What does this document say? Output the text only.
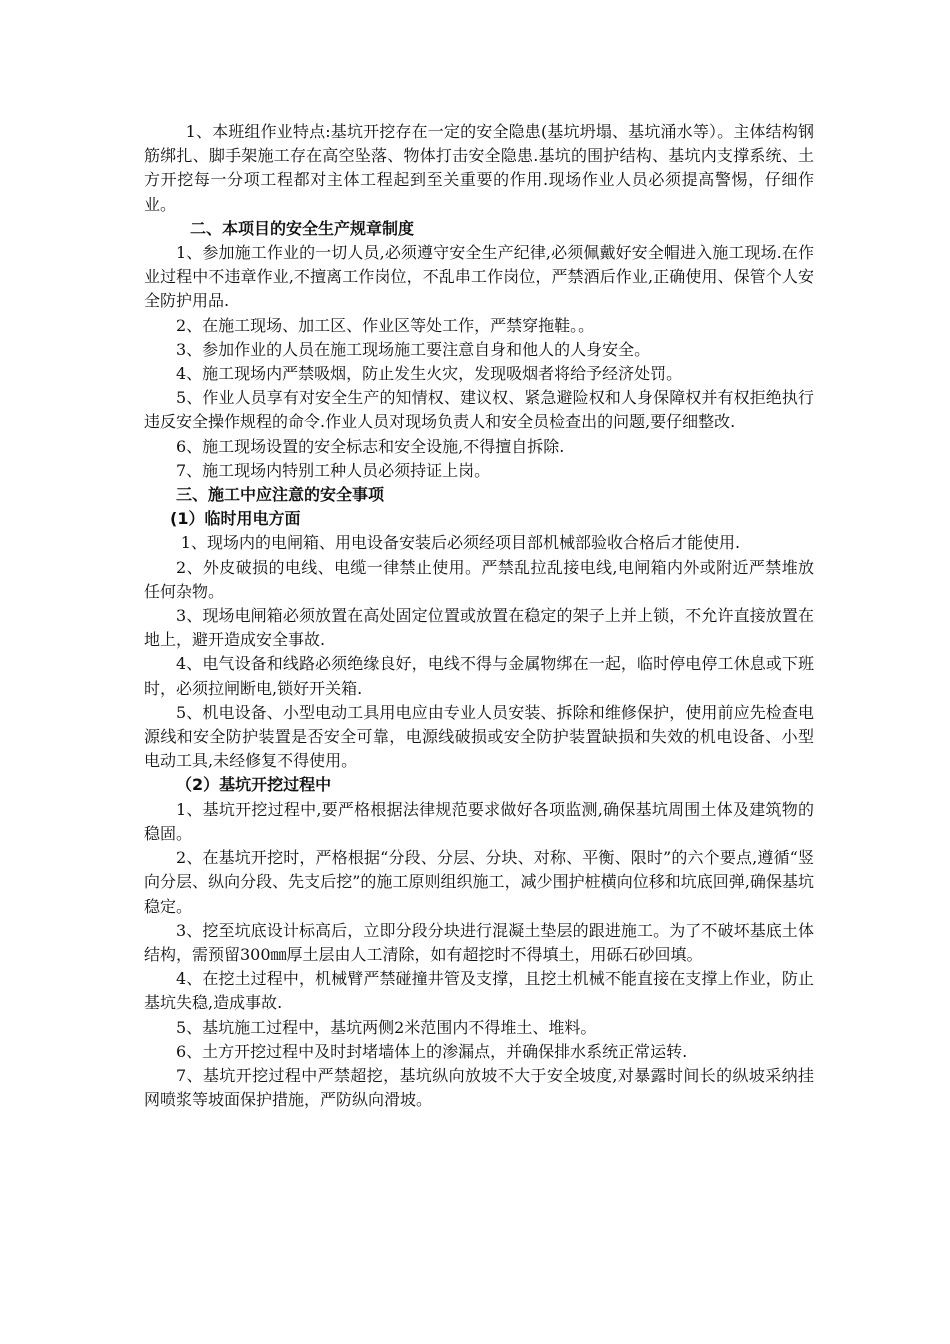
1、本班组作业特点:基坑开挖存在一定的安全隐患(基坑坍塌、基坑涌水等）。主体结构钢筋绑扎、脚手架施工存在高空坠落、物体打击安全隐患.基坑的围护结构、基坑内支撑系统、土方开挖每一分项工程都对主体工程起到至关重要的作用.现场作业人员必须提高警惕，仔细作业。

二、本项目的安全生产规章制度

1、参加施工作业的一切人员,必须遵守安全生产纪律,必须佩戴好安全帽进入施工现场.在作业过程中不违章作业,不擅离工作岗位，不乱串工作岗位，严禁酒后作业,正确使用、保管个人安全防护用品.

2、在施工现场、加工区、作业区等处工作，严禁穿拖鞋。。

3、参加作业的人员在施工现场施工要注意自身和他人的人身安全。

4、施工现场内严禁吸烟，防止发生火灾，发现吸烟者将给予经济处罚。

5、作业人员享有对安全生产的知情权、建议权、紧急避险权和人身保障权并有权拒绝执行违反安全操作规程的命令.作业人员对现场负责人和安全员检查出的问题,要仔细整改.

6、施工现场设置的安全标志和安全设施,不得擅自拆除.

7、施工现场内特别工种人员必须持证上岗。

三、施工中应注意的安全事项

(1）临时用电方面

1、现场内的电闸箱、用电设备安装后必须经项目部机械部验收合格后才能使用.

2、外皮破损的电线、电缆一律禁止使用。严禁乱拉乱接电线,电闸箱内外或附近严禁堆放任何杂物。

3、现场电闸箱必须放置在高处固定位置或放置在稳定的架子上并上锁，不允许直接放置在地上，避开造成安全事故.

4、电气设备和线路必须绝缘良好，电线不得与金属物绑在一起，临时停电停工休息或下班时，必须拉闸断电,锁好开关箱.

5、机电设备、小型电动工具用电应由专业人员安装、拆除和维修保护，使用前应先检查电源线和安全防护装置是否安全可靠，电源线破损或安全防护装置缺损和失效的机电设备、小型电动工具,未经修复不得使用。

（2）基坑开挖过程中

1、基坑开挖过程中,要严格根据法律规范要求做好各项监测,确保基坑周围土体及建筑物的稳固。

2、在基坑开挖时，严格根据“分段、分层、分块、对称、平衡、限时”的六个要点,遵循“竖向分层、纵向分段、先支后挖”的施工原则组织施工，减少围护桩横向位移和坑底回弹,确保基坑稳定。

3、挖至坑底设计标高后，立即分段分块进行混凝土垫层的跟进施工。为了不破坏基底土体结构，需预留300㎜厚土层由人工清除，如有超挖时不得填土，用砾石砂回填。

4、在挖土过程中，机械臂严禁碰撞井管及支撑，且挖土机械不能直接在支撑上作业，防止基坑失稳,造成事故.

5、基坑施工过程中，基坑两侧2米范围内不得堆土、堆料。

6、土方开挖过程中及时封堵墙体上的渗漏点，并确保排水系统正常运转.

7、基坑开挖过程中严禁超挖，基坑纵向放坡不大于安全坡度,对暴露时间长的纵坡采纳挂网喷浆等坡面保护措施，严防纵向滑坡。
